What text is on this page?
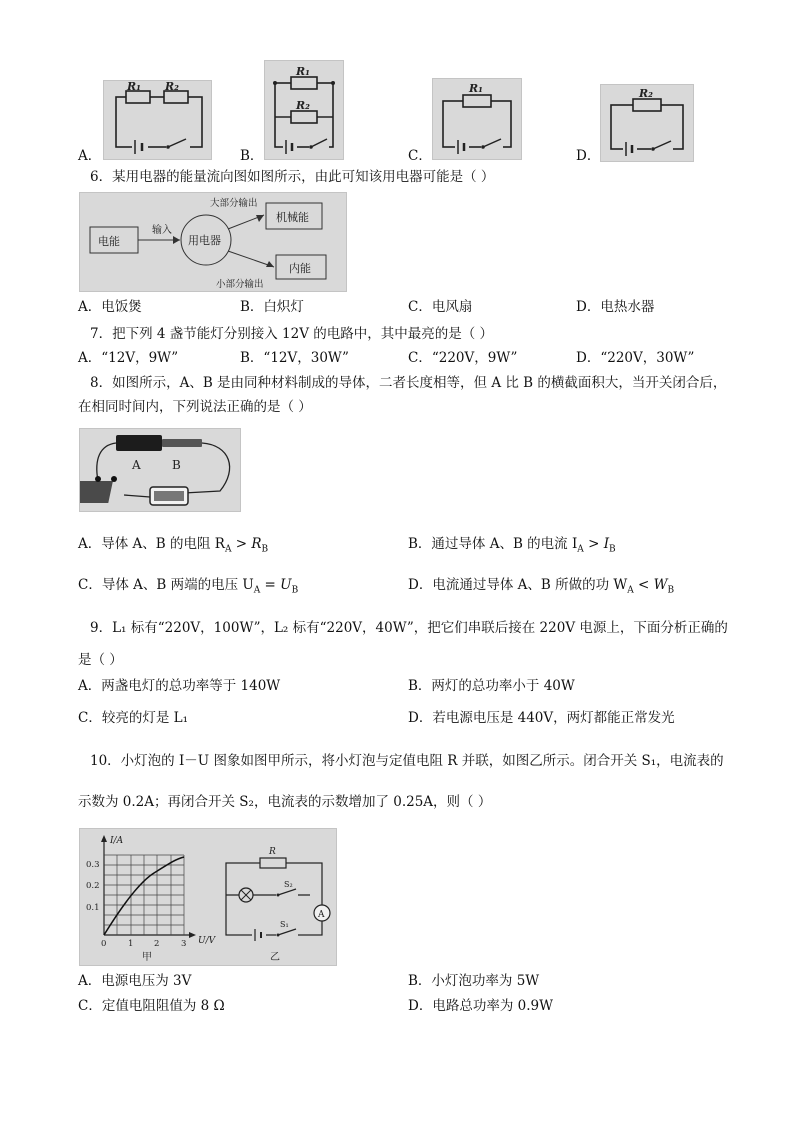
R₁ R₂
A．
R₁
R₂
B．
R₁
C．
R₂
D．
6．某用电器的能量流向图如图所示，由此可知该用电器可能是（ ）
电能
输入
用电器
大部分输出
小部分输出
机械能
内能
A．电饭煲	B．白炽灯	C．电风扇	D．电热水器
7．把下列 4 盏节能灯分别接入 12V 的电路中，其中最亮的是（ ）
A．“12V，9W”	B．“12V，30W”	C．“220V，9W”	D．“220V，30W”
8．如图所示，A、B 是由同种材料制成的导体，二者长度相等，但 A 比 B 的横截面积大，当开关闭合后，
在相同时间内，下列说法正确的是（ ）
A	B
A．导体 A、B 的电阻 $R_A > R_B$	B．通过导体 A、B 的电流 $I_A > I_B$
C．导体 A、B 两端的电压 $U_A = U_B$	D．电流通过导体 A、B 所做的功 $W_A < W_B$
9．L₁ 标有“220V，100W”，L₂ 标有“220V，40W”，把它们串联后接在 220V 电源上，下面分析正确的
是（ ）
A．两盏电灯的总功率等于 140W	B．两灯的总功率小于 40W
C．较亮的灯是 L₁	D．若电源电压是 440V，两灯都能正常发光
10．小灯泡的 I－U 图象如图甲所示，将小灯泡与定值电阻 R 并联，如图乙所示。闭合开关 S₁，电流表的
示数为 0.2A；再闭合开关 S₂，电流表的示数增加了 0.25A，则（ ）
I/A
U/V
0.3
0.2
0.1
0	1 2	3
甲
R
S₂
A
S₁
乙
A．电源电压为 3V	B．小灯泡功率为 5W
C．定值电阻阻值为 8 Ω	D．电路总功率为 0.9W
